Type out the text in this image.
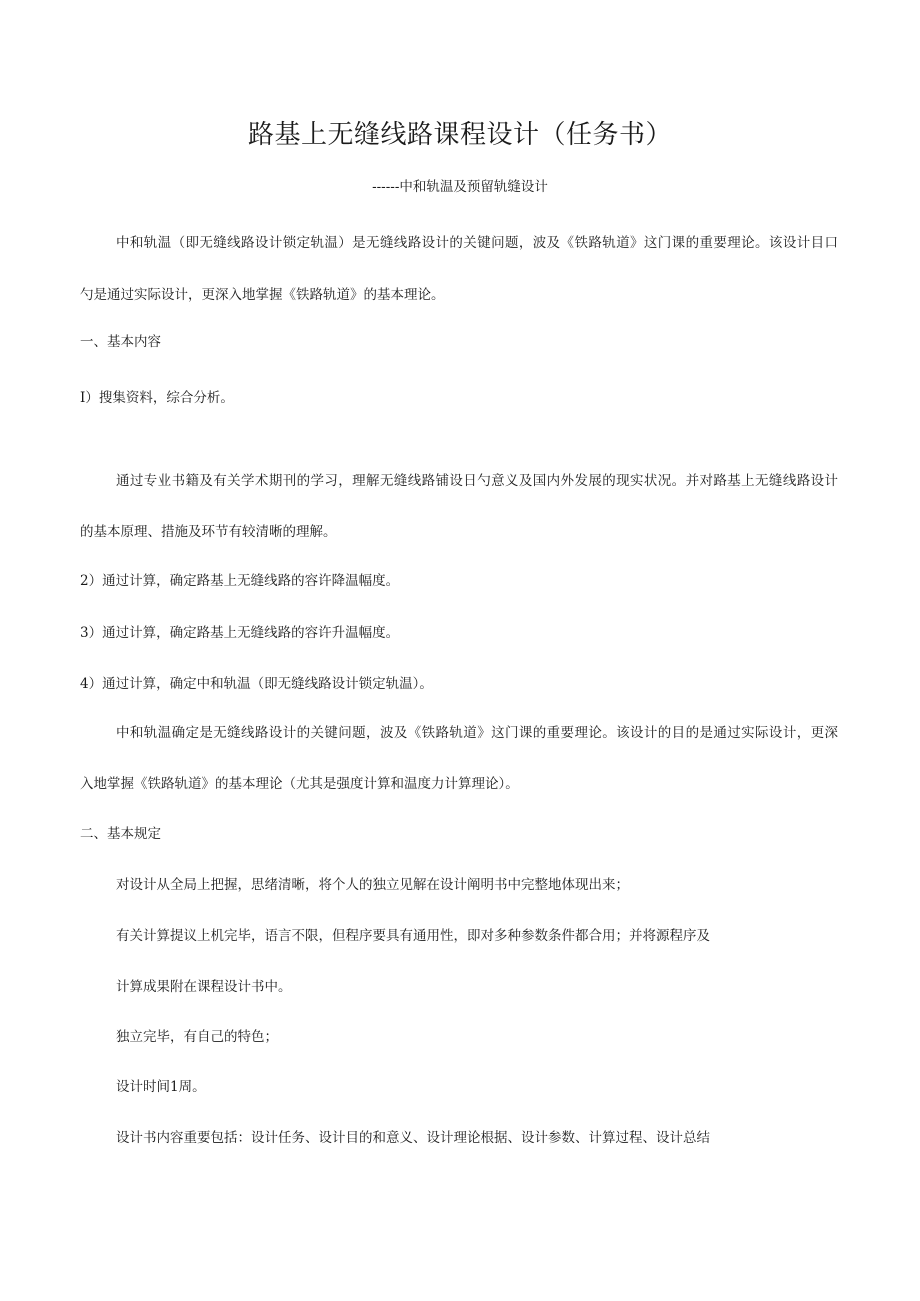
路基上无缝线路课程设计（任务书）
------中和轨温及预留轨缝设计
中和轨温（即无缝线路设计锁定轨温）是无缝线路设计的关键问题，波及《铁路轨道》这门课的重要理论。该设计目口
勺是通过实际设计，更深入地掌握《铁路轨道》的基本理论。
一、基本内容
I）搜集资料，综合分析。
通过专业书籍及有关学术期刊的学习，理解无缝线路铺设日勺意义及国内外发展的现实状况。并对路基上无缝线路设计
的基本原理、措施及环节有较清晰的理解。
2）通过计算，确定路基上无缝线路的容许降温幅度。
3）通过计算，确定路基上无缝线路的容许升温幅度。
4）通过计算，确定中和轨温（即无缝线路设计锁定轨温）。
中和轨温确定是无缝线路设计的关键问题，波及《铁路轨道》这门课的重要理论。该设计的目的是通过实际设计，更深
入地掌握《铁路轨道》的基本理论（尤其是强度计算和温度力计算理论）。
二、基本规定
对设计从全局上把握，思绪清晰，将个人的独立见解在设计阐明书中完整地体现出来；
有关计算提议上机完毕，语言不限，但程序要具有通用性，即对多种参数条件都合用；并将源程序及
计算成果附在课程设计书中。
独立完毕，有自己的特色；
设计时间1周。
设计书内容重要包括：设计任务、设计目的和意义、设计理论根据、设计参数、计算过程、设计总结
